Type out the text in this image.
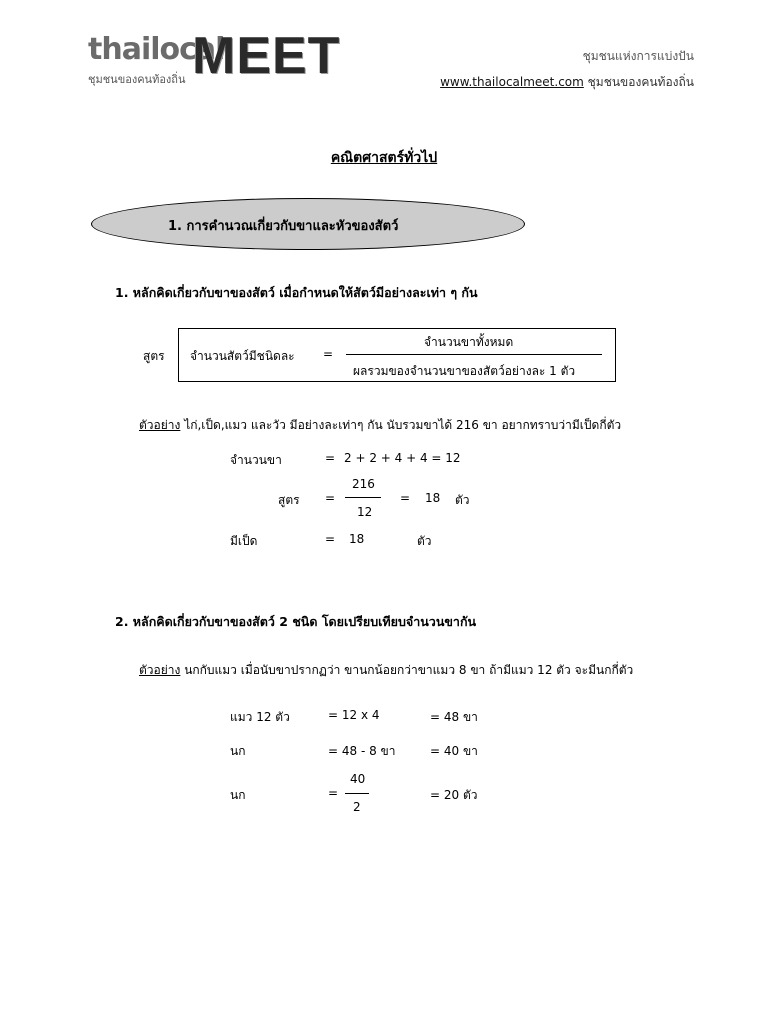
thailocal
MEET
ชุมชนของคนท้องถิ่น
ชุมชนแห่งการแบ่งปัน
www.thailocalmeet.com ชุมชนของคนท้องถิ่น
คณิตศาสตร์ทั่วไป
1. การคำนวณเกี่ยวกับขาและหัวของสัตว์
1. หลักคิดเกี่ยวกับขาของสัตว์ เมื่อกำหนดให้สัตว์มีอย่างละเท่า ๆ กัน
สูตร จำนวนสัตว์มีชนิดละ =
จำนวนขาทั้งหมด
ผลรวมของจำนวนขาของสัตว์อย่างละ 1 ตัว
ตัวอย่าง ไก่,เป็ด,แมว และวัว มีอย่างละเท่าๆ กัน นับรวมขาได้ 216 ขา อยากทราบว่ามีเป็ดกี่ตัว
จำนวนขา	= 2 + 2 + 4 + 4 = 12
สูตร =
216
12
= 18 ตัว
มีเป็ด	= 18	ตัว
2. หลักคิดเกี่ยวกับขาของสัตว์ 2 ชนิด โดยเปรียบเทียบจำนวนขากัน
ตัวอย่าง นกกับแมว เมื่อนับขาปรากฏว่า ขานกน้อยกว่าขาแมว 8 ขา ถ้ามีแมว 12 ตัว จะมีนกกี่ตัว
แมว 12 ตัว	= 12 x 4	= 48 ขา
นก	= 48 - 8 ขา	= 40 ขา
นก	=
40
2
= 20 ตัว
